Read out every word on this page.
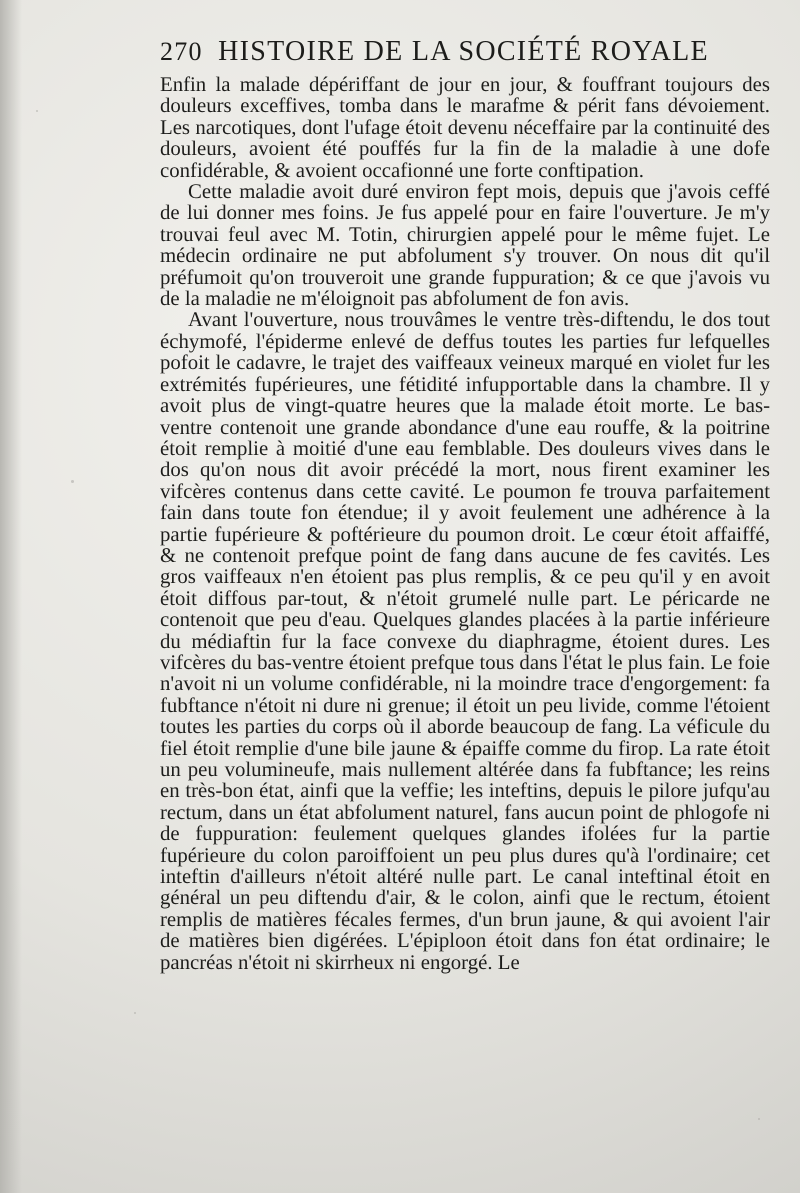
270 HISTOIRE DE LA SOCIÉTÉ ROYALE

Enfin la malade dépériffant de jour en jour, & fouffrant toujours des douleurs exceffives, tomba dans le marafme & périt fans dévoiement. Les narcotiques, dont l'ufage étoit devenu néceffaire par la continuité des douleurs, avoient été pouffés fur la fin de la maladie à une dofe confidérable, & avoient occafionné une forte conftipation.

Cette maladie avoit duré environ fept mois, depuis que j'avois ceffé de lui donner mes foins. Je fus appelé pour en faire l'ouverture. Je m'y trouvai feul avec M. Totin, chirurgien appelé pour le même fujet. Le médecin ordinaire ne put abfolument s'y trouver. On nous dit qu'il préfumoit qu'on trouveroit une grande fuppuration; & ce que j'avois vu de la maladie ne m'éloignoit pas abfolument de fon avis.

Avant l'ouverture, nous trouvâmes le ventre très-diftendu, le dos tout échymofé, l'épiderme enlevé de deffus toutes les parties fur lefquelles pofoit le cadavre, le trajet des vaiffeaux veineux marqué en violet fur les extrémités fupérieures, une fétidité infupportable dans la chambre. Il y avoit plus de vingt-quatre heures que la malade étoit morte. Le bas-ventre contenoit une grande abondance d'une eau rouffe, & la poitrine étoit remplie à moitié d'une eau femblable. Des douleurs vives dans le dos qu'on nous dit avoir précédé la mort, nous firent examiner les vifcères contenus dans cette cavité. Le poumon fe trouva parfaitement fain dans toute fon étendue; il y avoit feulement une adhérence à la partie fupérieure & poftérieure du poumon droit. Le cœur étoit affaiffé, & ne contenoit prefque point de fang dans aucune de fes cavités. Les gros vaiffeaux n'en étoient pas plus remplis, & ce peu qu'il y en avoit étoit diffous par-tout, & n'étoit grumelé nulle part. Le péricarde ne contenoit que peu d'eau. Quelques glandes placées à la partie inférieure du médiaftin fur la face convexe du diaphragme, étoient dures. Les vifcères du bas-ventre étoient prefque tous dans l'état le plus fain. Le foie n'avoit ni un volume confidérable, ni la moindre trace d'engorgement: fa fubftance n'étoit ni dure ni grenue; il étoit un peu livide, comme l'étoient toutes les parties du corps où il aborde beaucoup de fang. La véficule du fiel étoit remplie d'une bile jaune & épaiffe comme du firop. La rate étoit un peu volumineufe, mais nullement altérée dans fa fubftance; les reins en très-bon état, ainfi que la veffie; les inteftins, depuis le pilore jufqu'au rectum, dans un état abfolument naturel, fans aucun point de phlogofe ni de fuppuration: feulement quelques glandes ifolées fur la partie fupérieure du colon paroiffoient un peu plus dures qu'à l'ordinaire; cet inteftin d'ailleurs n'étoit altéré nulle part. Le canal inteftinal étoit en général un peu diftendu d'air, & le colon, ainfi que le rectum, étoient remplis de matières fécales fermes, d'un brun jaune, & qui avoient l'air de matières bien digérées. L'épiploon étoit dans fon état ordinaire; le pancréas n'étoit ni skirrheux ni engorgé. Le
